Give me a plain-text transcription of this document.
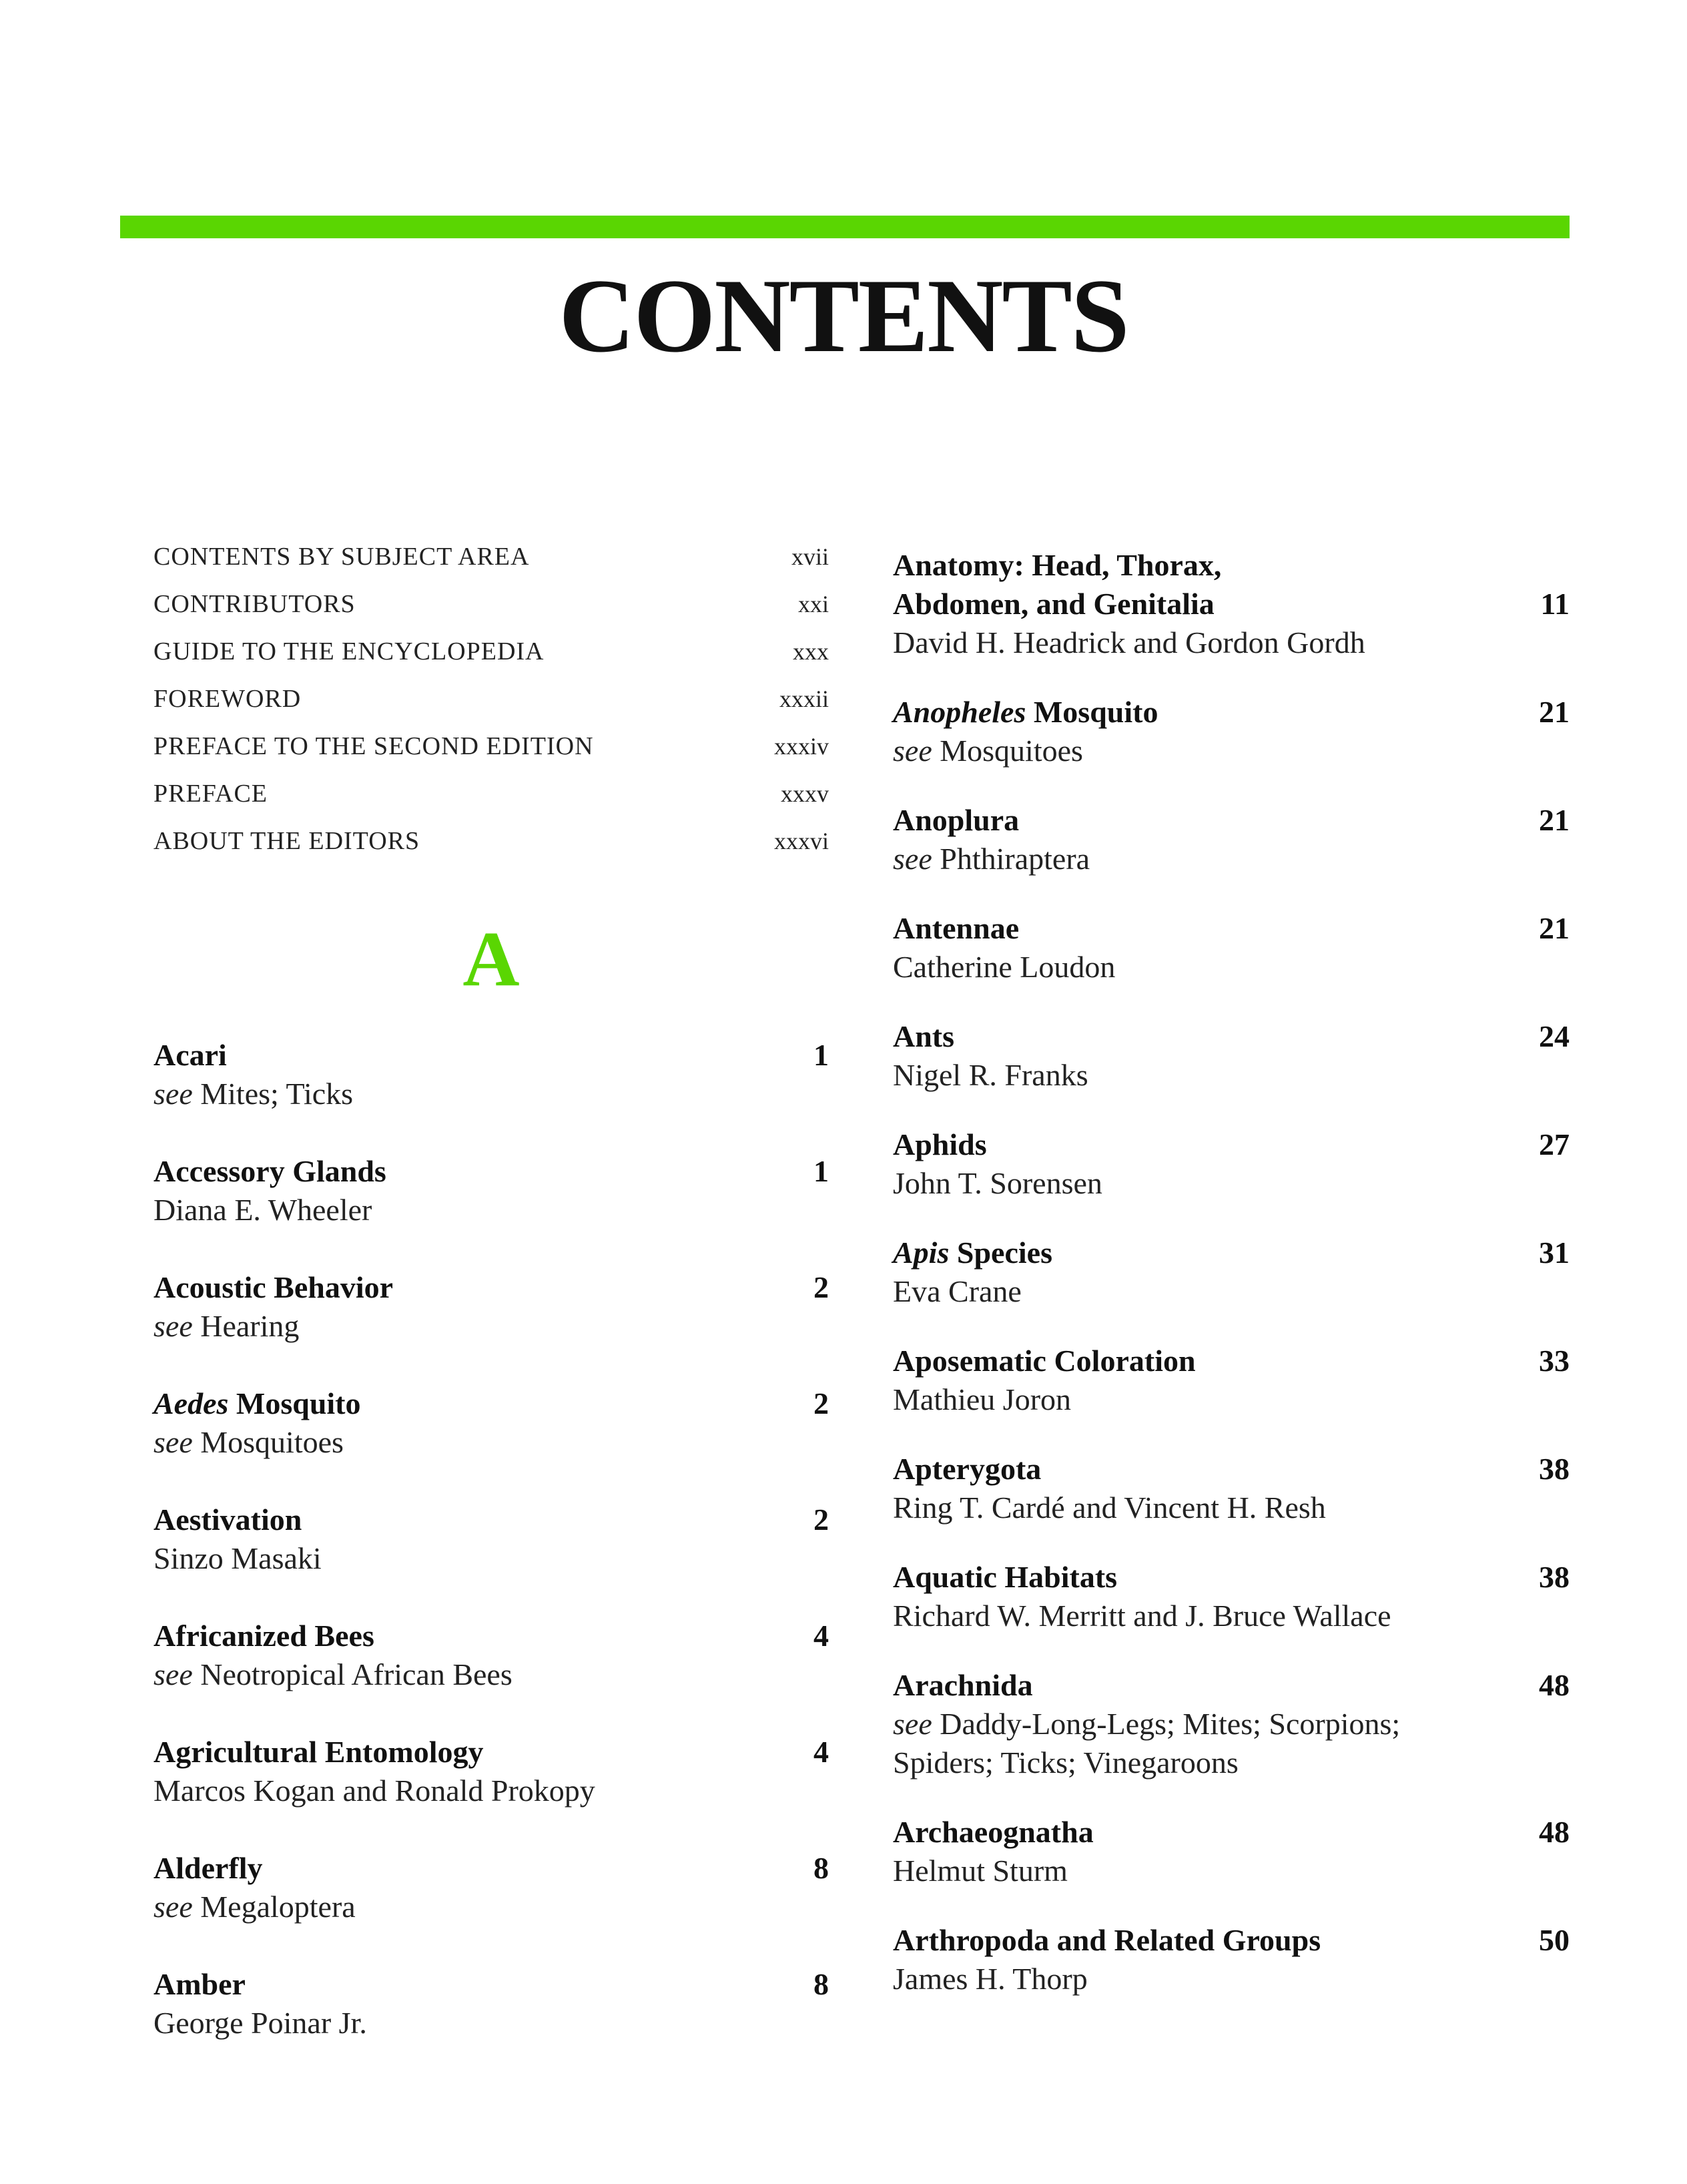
CONTENTS
CONTENTS BY SUBJECT AREA	xvii
CONTRIBUTORS	xxi
GUIDE TO THE ENCYCLOPEDIA	xxx
FOREWORD	xxxii
PREFACE TO THE SECOND EDITION	xxxiv
PREFACE	xxxv
ABOUT THE EDITORS	xxxvi
A
Acari	1
see Mites; Ticks
Accessory Glands	1
Diana E. Wheeler
Acoustic Behavior	2
see Hearing
Aedes Mosquito	2
see Mosquitoes
Aestivation	2
Sinzo Masaki
Africanized Bees	4
see Neotropical African Bees
Agricultural Entomology	4
Marcos Kogan and Ronald Prokopy
Alderfly	8
see Megaloptera
Amber	8
George Poinar Jr.
Anatomy: Head, Thorax,
Abdomen, and Genitalia	11
David H. Headrick and Gordon Gordh
Anopheles Mosquito	21
see Mosquitoes
Anoplura	21
see Phthiraptera
Antennae	21
Catherine Loudon
Ants	24
Nigel R. Franks
Aphids	27
John T. Sorensen
Apis Species	31
Eva Crane
Aposematic Coloration	33
Mathieu Joron
Apterygota	38
Ring T. Cardé and Vincent H. Resh
Aquatic Habitats	38
Richard W. Merritt and J. Bruce Wallace
Arachnida	48
see Daddy-Long-Legs; Mites; Scorpions;
Spiders; Ticks; Vinegaroons
Archaeognatha	48
Helmut Sturm
Arthropoda and Related Groups	50
James H. Thorp
